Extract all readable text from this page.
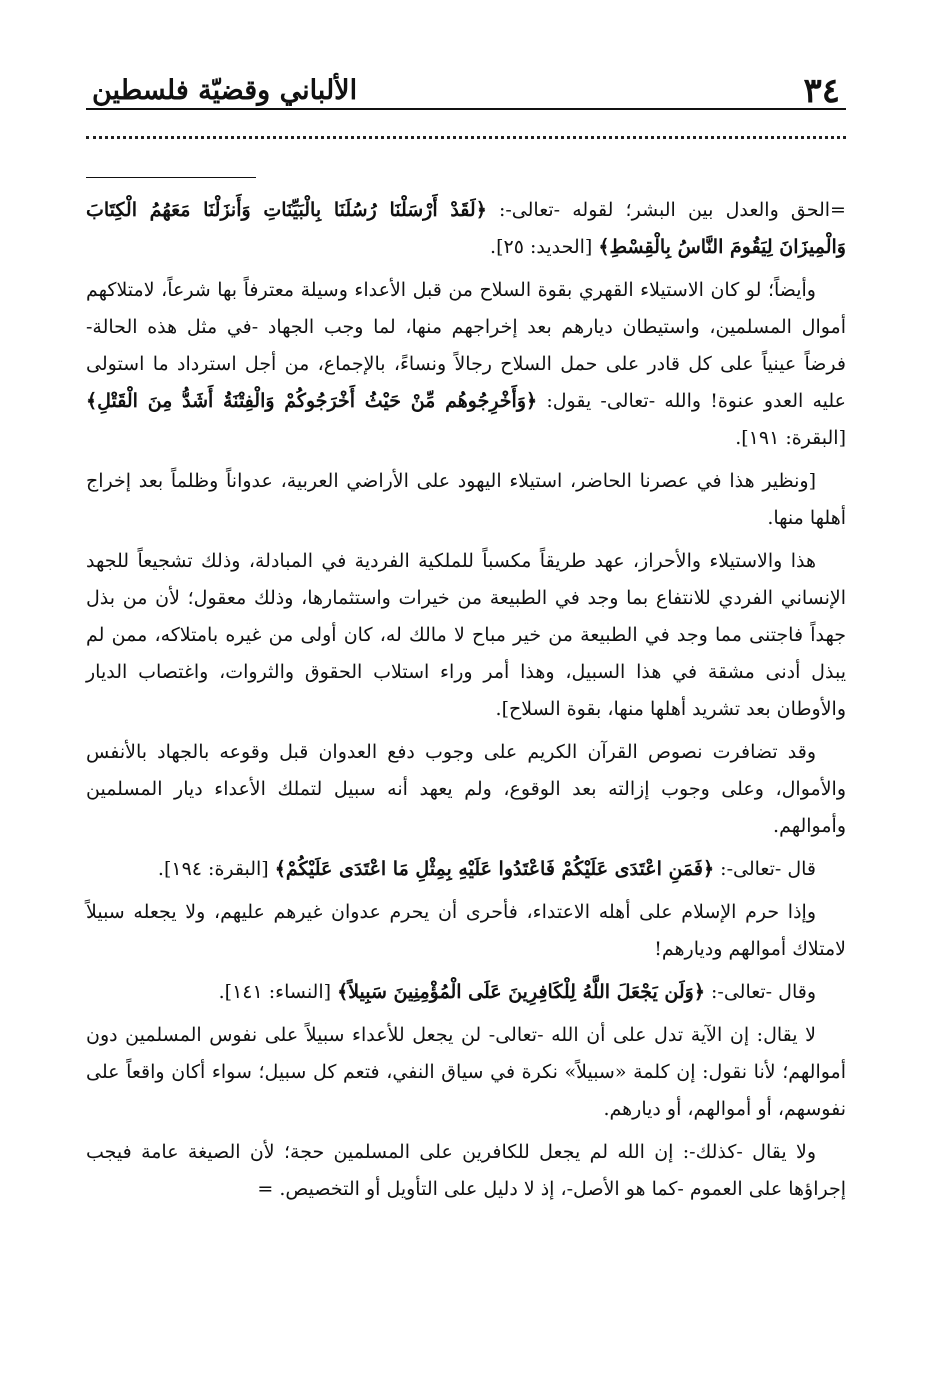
٣٤
الألباني وقضيّة فلسطين

=الحق والعدل بين البشر؛ لقوله -تعالى-: ﴿لَقَدْ أَرْسَلْنَا رُسُلَنَا بِالْبَيِّنَاتِ وَأَنزَلْنَا مَعَهُمُ الْكِتَابَ وَالْمِيزَانَ لِيَقُومَ النَّاسُ بِالْقِسْطِ﴾ [الحديد: ٢٥].

وأيضاً؛ لو كان الاستيلاء القهري بقوة السلاح من قبل الأعداء وسيلة معترفاً بها شرعاً، لامتلاكهم أموال المسلمين، واستيطان ديارهم بعد إخراجهم منها، لما وجب الجهاد -في مثل هذه الحالة- فرضاً عينياً على كل قادر على حمل السلاح رجالاً ونساءً، بالإجماع، من أجل استرداد ما استولى عليه العدو عنوة! والله -تعالى- يقول: ﴿وَأَخْرِجُوهُم مِّنْ حَيْثُ أَخْرَجُوكُمْ وَالْفِتْنَةُ أَشَدُّ مِنَ الْقَتْلِ﴾ [البقرة: ١٩١].

[ونظير هذا في عصرنا الحاضر، استيلاء اليهود على الأراضي العربية، عدواناً وظلماً بعد إخراج أهلها منها.

هذا والاستيلاء والأحراز، عهد طريقاً مكسباً للملكية الفردية في المبادلة، وذلك تشجيعاً للجهد الإنساني الفردي للانتفاع بما وجد في الطبيعة من خيرات واستثمارها، وذلك معقول؛ لأن من بذل جهداً فاجتنى مما وجد في الطبيعة من خير مباح لا مالك له، كان أولى من غيره بامتلاكه، ممن لم يبذل أدنى مشقة في هذا السبيل، وهذا أمر وراء استلاب الحقوق والثروات، واغتصاب الديار والأوطان بعد تشريد أهلها منها، بقوة السلاح].

وقد تضافرت نصوص القرآن الكريم على وجوب دفع العدوان قبل وقوعه بالجهاد بالأنفس والأموال، وعلى وجوب إزالته بعد الوقوع، ولم يعهد أنه سبيل لتملك الأعداء ديار المسلمين وأموالهم.

قال -تعالى-: ﴿فَمَنِ اعْتَدَى عَلَيْكُمْ فَاعْتَدُوا عَلَيْهِ بِمِثْلِ مَا اعْتَدَى عَلَيْكُمْ﴾ [البقرة: ١٩٤].

وإذا حرم الإسلام على أهله الاعتداء، فأحرى أن يحرم عدوان غيرهم عليهم، ولا يجعله سبيلاً لامتلاك أموالهم وديارهم!

وقال -تعالى-: ﴿وَلَن يَجْعَلَ اللَّهُ لِلْكَافِرِينَ عَلَى الْمُؤْمِنِينَ سَبِيلاً﴾ [النساء: ١٤١].

لا يقال: إن الآية تدل على أن الله -تعالى- لن يجعل للأعداء سبيلاً على نفوس المسلمين دون أموالهم؛ لأنا نقول: إن كلمة «سبيلاً» نكرة في سياق النفي، فتعم كل سبيل؛ سواء أكان واقعاً على نفوسهم، أو أموالهم، أو ديارهم.

ولا يقال -كذلك-: إن الله لم يجعل للكافرين على المسلمين حجة؛ لأن الصيغة عامة فيجب إجراؤها على العموم -كما هو الأصل-، إذ لا دليل على التأويل أو التخصيص. =
